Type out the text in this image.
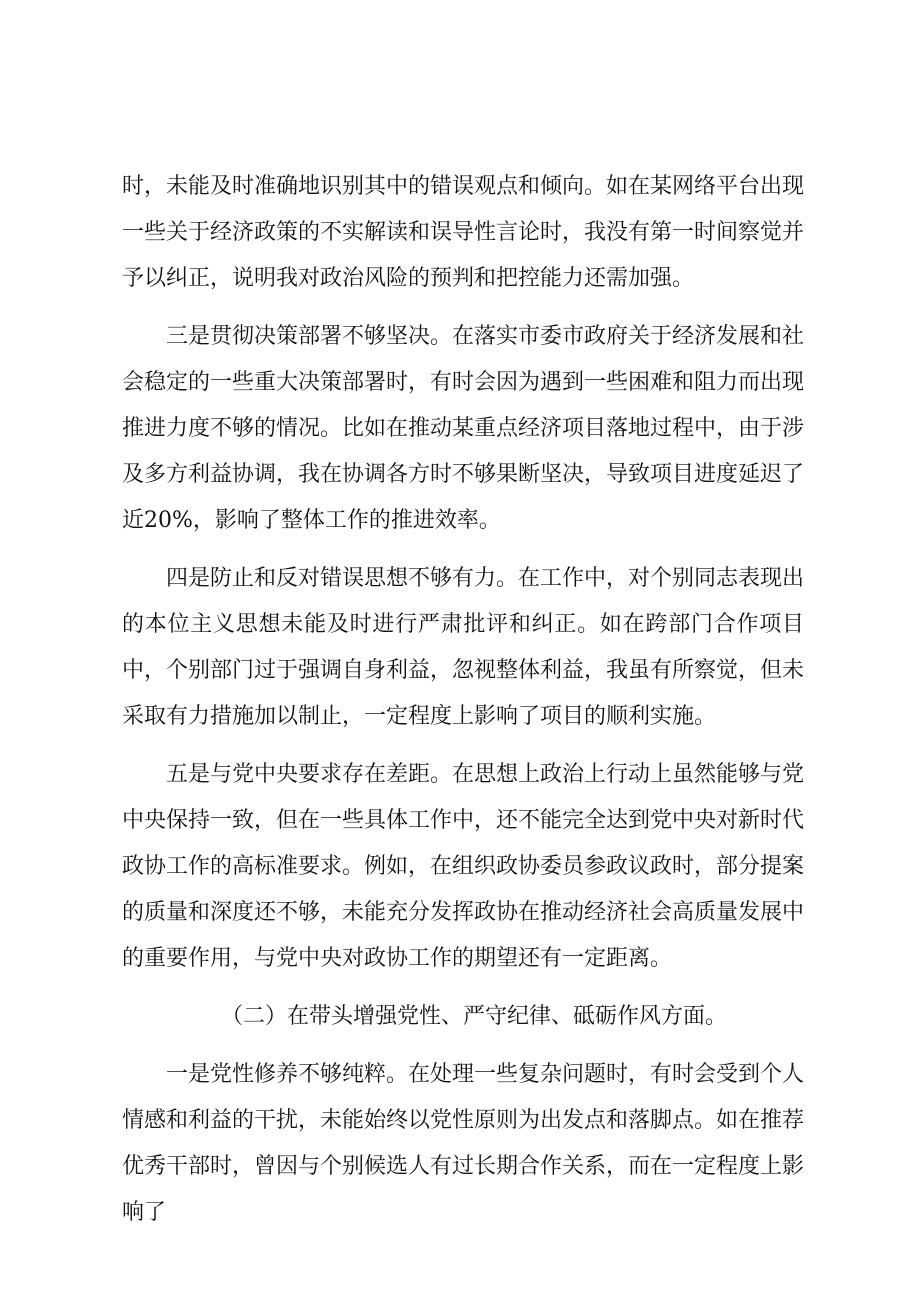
时，未能及时准确地识别其中的错误观点和倾向。如在某网络平台出现一些关于经济政策的不实解读和误导性言论时，我没有第一时间察觉并予以纠正，说明我对政治风险的预判和把控能力还需加强。

三是贯彻决策部署不够坚决。在落实市委市政府关于经济发展和社会稳定的一些重大决策部署时，有时会因为遇到一些困难和阻力而出现推进力度不够的情况。比如在推动某重点经济项目落地过程中，由于涉及多方利益协调，我在协调各方时不够果断坚决，导致项目进度延迟了近20%，影响了整体工作的推进效率。

四是防止和反对错误思想不够有力。在工作中，对个别同志表现出的本位主义思想未能及时进行严肃批评和纠正。如在跨部门合作项目中，个别部门过于强调自身利益，忽视整体利益，我虽有所察觉，但未采取有力措施加以制止，一定程度上影响了项目的顺利实施。

五是与党中央要求存在差距。在思想上政治上行动上虽然能够与党中央保持一致，但在一些具体工作中，还不能完全达到党中央对新时代政协工作的高标准要求。例如，在组织政协委员参政议政时，部分提案的质量和深度还不够，未能充分发挥政协在推动经济社会高质量发展中的重要作用，与党中央对政协工作的期望还有一定距离。

（二）在带头增强党性、严守纪律、砥砺作风方面。

一是党性修养不够纯粹。在处理一些复杂问题时，有时会受到个人情感和利益的干扰，未能始终以党性原则为出发点和落脚点。如在推荐优秀干部时，曾因与个别候选人有过长期合作关系，而在一定程度上影响了
